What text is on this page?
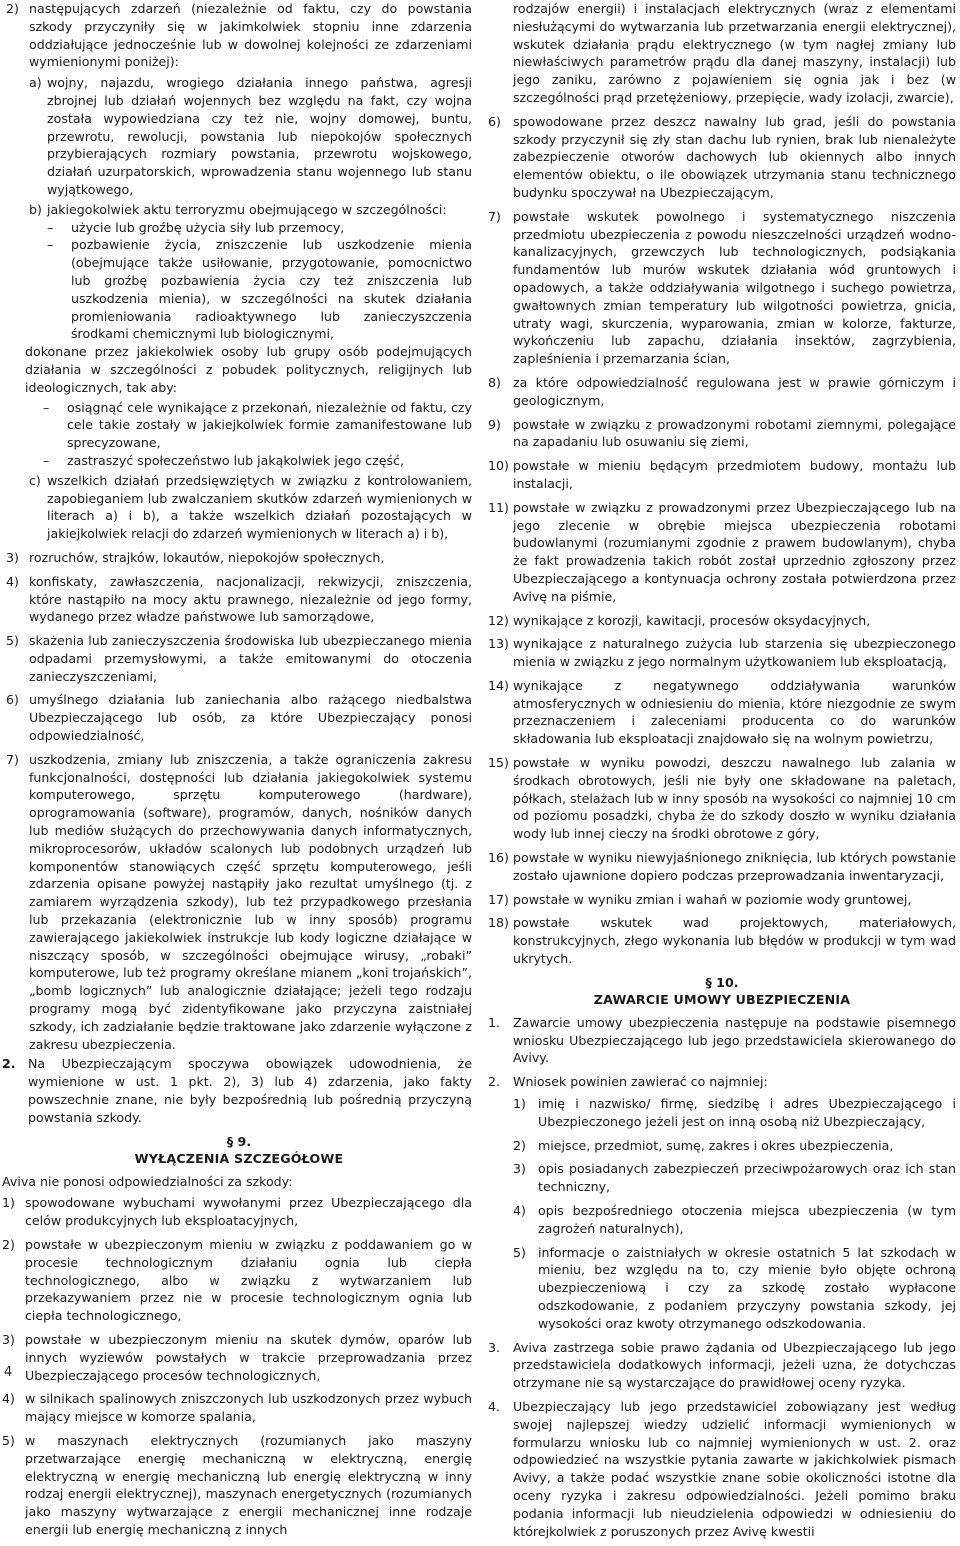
2) następujących zdarzeń (niezależnie od faktu, czy do powstania szkody przyczyniły się w jakimkolwiek stopniu inne zdarzenia oddziałujące jednocześnie lub w dowolnej kolejności ze zdarzeniami wymienionymi poniżej):
a) wojny, najazdu, wrogiego działania innego państwa, agresji zbrojnej lub działań wojennych bez względu na fakt, czy wojna została wypowiedziana czy też nie, wojny domowej, buntu, przewrotu, rewolucji, powstania lub niepokojów społecznych przybierających rozmiary powstania, przewrotu wojskowego, działań uzurpatorskich, wprowadzenia stanu wojennego lub stanu wyjątkowego,
b) jakiegokolwiek aktu terroryzmu obejmującego w szczególności:
– użycie lub groźbę użycia siły lub przemocy,
– pozbawienie życia, zniszczenie lub uszkodzenie mienia (obejmujące także usiłowanie, przygotowanie, pomocnictwo lub groźbę pozbawienia życia czy też zniszczenia lub uszkodzenia mienia), w szczególności na skutek działania promieniowania radioaktywnego lub zanieczyszczenia środkami chemicznymi lub biologicznymi,
dokonane przez jakiekolwiek osoby lub grupy osób podejmujących działania w szczególności z pobudek politycznych, religijnych lub ideologicznych, tak aby:
– osiągnąć cele wynikające z przekonań, niezależnie od faktu, czy cele takie zostały w jakiejkolwiek formie zamanifestowane lub sprecyzowane,
– zastraszyć społeczeństwo lub jakąkolwiek jego część,
c) wszelkich działań przedsięwziętych w związku z kontrolowaniem, zapobieganiem lub zwalczaniem skutków zdarzeń wymienionych w literach a) i b), a także wszelkich działań pozostających w jakiejkolwiek relacji do zdarzeń wymienionych w literach a) i b),
3) rozruchów, strajków, lokautów, niepokojów społecznych,
4) konfiskaty, zawłaszczenia, nacjonalizacji, rekwizycji, zniszczenia, które nastąpiło na mocy aktu prawnego, niezależnie od jego formy, wydanego przez władze państwowe lub samorządowe,
5) skażenia lub zanieczyszczenia środowiska lub ubezpieczanego mienia odpadami przemysłowymi, a także emitowanymi do otoczenia zanieczyszczeniami,
6) umyślnego działania lub zaniechania albo rażącego niedbalstwa Ubezpieczającego lub osób, za które Ubezpieczający ponosi odpowiedzialność,
7) uszkodzenia, zmiany lub zniszczenia, a także ograniczenia zakresu funkcjonalności, dostępności lub działania jakiegokolwiek systemu komputerowego, sprzętu komputerowego (hardware), oprogramowania (software), programów, danych, nośników danych lub mediów służących do przechowywania danych informatycznych, mikroprocesorów, układów scalonych lub podobnych urządzeń lub komponentów stanowiących część sprzętu komputerowego, jeśli zdarzenia opisane powyżej nastąpiły jako rezultat umyślnego (tj. z zamiarem wyrządzenia szkody), lub też przypadkowego przesłania lub przekazania (elektronicznie lub w inny sposób) programu zawierającego jakiekolwiek instrukcje lub kody logiczne działające w niszczący sposób, w szczególności obejmujące wirusy, „robaki” komputerowe, lub też programy określane mianem „koni trojańskich”, „bomb logicznych” lub analogicznie działające; jeżeli tego rodzaju programy mogą być zidentyfikowane jako przyczyna zaistniałej szkody, ich zadziałanie będzie traktowane jako zdarzenie wyłączone z zakresu ubezpieczenia.
2. Na Ubezpieczającym spoczywa obowiązek udowodnienia, że wymienione w ust. 1 pkt. 2), 3) lub 4) zdarzenia, jako fakty powszechnie znane, nie były bezpośrednią lub pośrednią przyczyną powstania szkody.
§ 9.
WYŁĄCZENIA SZCZEGÓŁOWE
Aviva nie ponosi odpowiedzialności za szkody:
1) spowodowane wybuchami wywołanymi przez Ubezpieczającego dla celów produkcyjnych lub eksploatacyjnych,
2) powstałe w ubezpieczonym mieniu w związku z poddawaniem go w procesie technologicznym działaniu ognia lub ciepła technologicznego, albo w związku z wytwarzaniem lub przekazywaniem przez nie w procesie technologicznym ognia lub ciepła technologicznego,
3) powstałe w ubezpieczonym mieniu na skutek dymów, oparów lub innych wyziewów powstałych w trakcie przeprowadzania przez Ubezpieczającego procesów technologicznych,
4) w silnikach spalinowych zniszczonych lub uszkodzonych przez wybuch mający miejsce w komorze spalania,
5) w maszynach elektrycznych (rozumianych jako maszyny przetwarzające energię mechaniczną w elektryczną, energię elektryczną w energię mechaniczną lub energię elektryczną w inny rodzaj energii elektrycznej), maszynach energetycznych (rozumianych jako maszyny wytwarzające z energii mechanicznej inne rodzaje energii lub energię mechaniczną z innych
rodzajów energii) i instalacjach elektrycznych (wraz z elementami niesłużącymi do wytwarzania lub przetwarzania energii elektrycznej), wskutek działania prądu elektrycznego (w tym nagłej zmiany lub niewłaściwych parametrów prądu dla danej maszyny, instalacji) lub jego zaniku, zarówno z pojawieniem się ognia jak i bez (w szczególności prąd przetężeniowy, przepięcie, wady izolacji, zwarcie),
6) spowodowane przez deszcz nawalny lub grad, jeśli do powstania szkody przyczynił się zły stan dachu lub rynien, brak lub nienależyte zabezpieczenie otworów dachowych lub okiennych albo innych elementów obiektu, o ile obowiązek utrzymania stanu technicznego budynku spoczywał na Ubezpieczającym,
7) powstałe wskutek powolnego i systematycznego niszczenia przedmiotu ubezpieczenia z powodu nieszczelności urządzeń wodno-kanalizacyjnych, grzewczych lub technologicznych, podsiąkania fundamentów lub murów wskutek działania wód gruntowych i opadowych, a także oddziaływania wilgotnego i suchego powietrza, gwałtownych zmian temperatury lub wilgotności powietrza, gnicia, utraty wagi, skurczenia, wyparowania, zmian w kolorze, fakturze, wykończeniu lub zapachu, działania insektów, zagrzybienia, zapleśnienia i przemarzania ścian,
8) za które odpowiedzialność regulowana jest w prawie górniczym i geologicznym,
9) powstałe w związku z prowadzonymi robotami ziemnymi, polegające na zapadaniu lub osuwaniu się ziemi,
10) powstałe w mieniu będącym przedmiotem budowy, montażu lub instalacji,
11) powstałe w związku z prowadzonymi przez Ubezpieczającego lub na jego zlecenie w obrębie miejsca ubezpieczenia robotami budowlanymi (rozumianymi zgodnie z prawem budowlanym), chyba że fakt prowadzenia takich robót został uprzednio zgłoszony przez Ubezpieczającego a kontynuacja ochrony została potwierdzona przez Avivę na piśmie,
12) wynikające z korozji, kawitacji, procesów oksydacyjnych,
13) wynikające z naturalnego zużycia lub starzenia się ubezpieczonego mienia w związku z jego normalnym użytkowaniem lub eksploatacją,
14) wynikające z negatywnego oddziaływania warunków atmosferycznych w odniesieniu do mienia, które niezgodnie ze swym przeznaczeniem i zaleceniami producenta co do warunków składowania lub eksploatacji znajdowało się na wolnym powietrzu,
15) powstałe w wyniku powodzi, deszczu nawalnego lub zalania w środkach obrotowych, jeśli nie były one składowane na paletach, półkach, stelażach lub w inny sposób na wysokości co najmniej 10 cm od poziomu posadzki, chyba że do szkody doszło w wyniku działania wody lub innej cieczy na środki obrotowe z góry,
16) powstałe w wyniku niewyjaśnionego zniknięcia, lub których powstanie zostało ujawnione dopiero podczas przeprowadzania inwentaryzacji,
17) powstałe w wyniku zmian i wahań w poziomie wody gruntowej,
18) powstałe wskutek wad projektowych, materiałowych, konstrukcyjnych, złego wykonania lub błędów w produkcji w tym wad ukrytych.
§ 10.
ZAWARCIE UMOWY UBEZPIECZENIA
1. Zawarcie umowy ubezpieczenia następuje na podstawie pisemnego wniosku Ubezpieczającego lub jego przedstawiciela skierowanego do Avivy.
2. Wniosek powinien zawierać co najmniej:
1) imię i nazwisko/ firmę, siedzibę i adres Ubezpieczającego i Ubezpieczonego jeżeli jest on inną osobą niż Ubezpieczający,
2) miejsce, przedmiot, sumę, zakres i okres ubezpieczenia,
3) opis posiadanych zabezpieczeń przeciwpożarowych oraz ich stan techniczny,
4) opis bezpośredniego otoczenia miejsca ubezpieczenia (w tym zagrożeń naturalnych),
5) informacje o zaistniałych w okresie ostatnich 5 lat szkodach w mieniu, bez względu na to, czy mienie było objęte ochroną ubezpieczeniową i czy za szkodę zostało wypłacone odszkodowanie, z podaniem przyczyny powstania szkody, jej wysokości oraz kwoty otrzymanego odszkodowania.
3. Aviva zastrzega sobie prawo żądania od Ubezpieczającego lub jego przedstawiciela dodatkowych informacji, jeżeli uzna, że dotychczas otrzymane nie są wystarczające do prawidłowej oceny ryzyka.
4. Ubezpieczający lub jego przedstawiciel zobowiązany jest według swojej najlepszej wiedzy udzielić informacji wymienionych w formularzu wniosku lub co najmniej wymienionych w ust. 2. oraz odpowiedzieć na wszystkie pytania zawarte w jakichkolwiek pismach Avivy, a także podać wszystkie znane sobie okoliczności istotne dla oceny ryzyka i zakresu odpowiedzialności. Jeżeli pomimo braku podania informacji lub nieudzielenia odpowiedzi w odniesieniu do którejkolwiek z poruszonych przez Avivę kwestii
4
